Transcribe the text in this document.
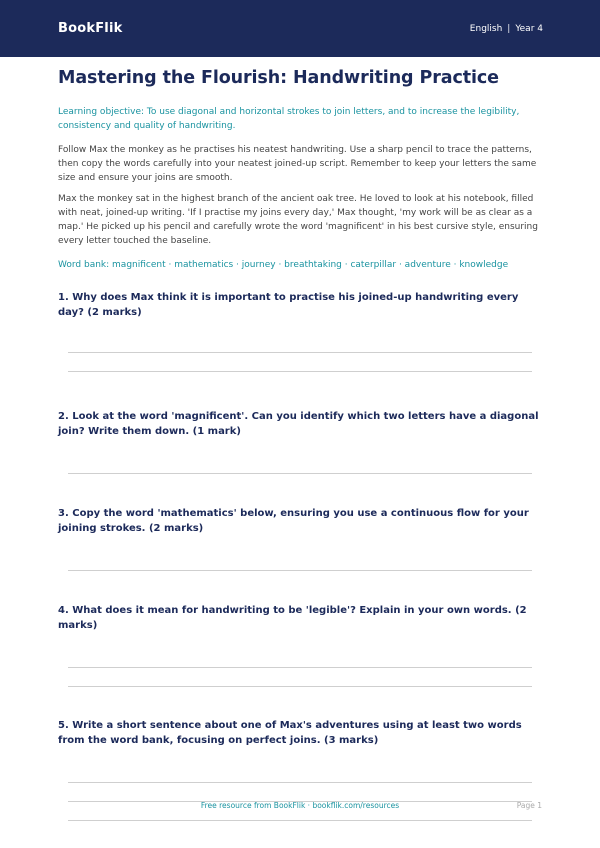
BookFlik	English | Year 4
Mastering the Flourish: Handwriting Practice

Learning objective: To use diagonal and horizontal strokes to join letters, and to increase the legibility, consistency and quality of handwriting.

Follow Max the monkey as he practises his neatest handwriting. Use a sharp pencil to trace the patterns, then copy the words carefully into your neatest joined-up script. Remember to keep your letters the same size and ensure your joins are smooth.

Max the monkey sat in the highest branch of the ancient oak tree. He loved to look at his notebook, filled with neat, joined-up writing. 'If I practise my joins every day,' Max thought, 'my work will be as clear as a map.' He picked up his pencil and carefully wrote the word 'magnificent' in his best cursive style, ensuring every letter touched the baseline.

Word bank: magnificent · mathematics · journey · breathtaking · caterpillar · adventure · knowledge

1. Why does Max think it is important to practise his joined-up handwriting every day? (2 marks)
2. Look at the word 'magnificent'. Can you identify which two letters have a diagonal join? Write them down. (1 mark)
3. Copy the word 'mathematics' below, ensuring you use a continuous flow for your joining strokes. (2 marks)
4. What does it mean for handwriting to be 'legible'? Explain in your own words. (2 marks)
5. Write a short sentence about one of Max's adventures using at least two words from the word bank, focusing on perfect joins. (3 marks)
Free resource from BookFlik · bookflik.com/resources	Page 1
